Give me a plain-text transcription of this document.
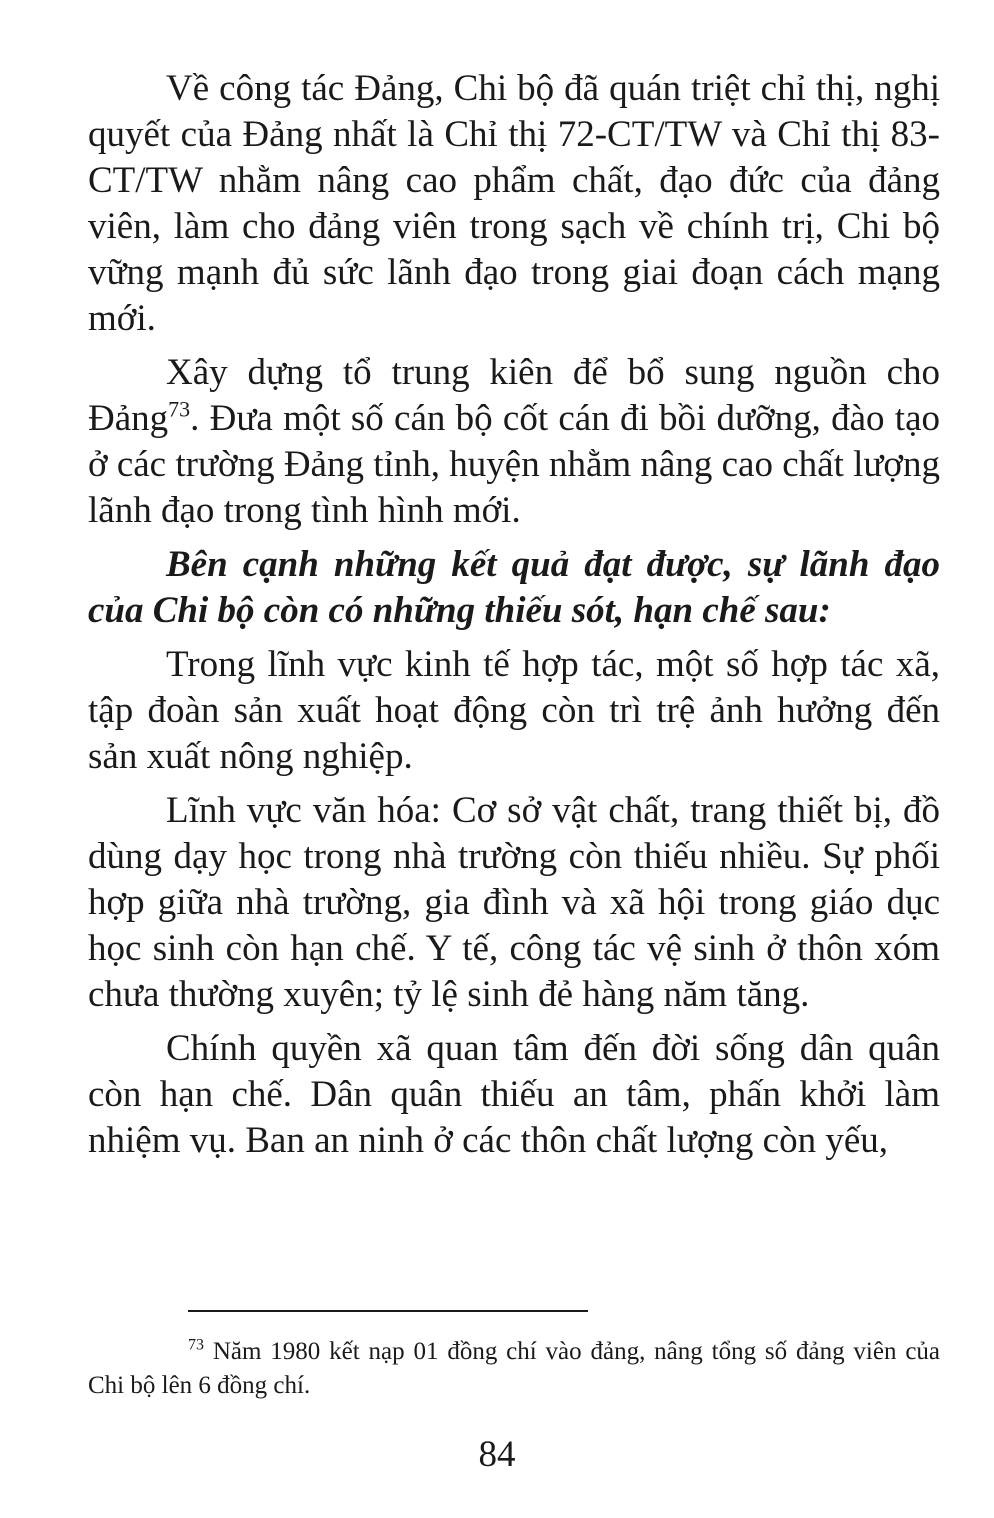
Về công tác Đảng, Chi bộ đã quán triệt chỉ thị, nghị quyết của Đảng nhất là Chỉ thị 72-CT/TW và Chỉ thị 83-CT/TW nhằm nâng cao phẩm chất, đạo đức của đảng viên, làm cho đảng viên trong sạch về chính trị, Chi bộ vững mạnh đủ sức lãnh đạo trong giai đoạn cách mạng mới.

Xây dựng tổ trung kiên để bổ sung nguồn cho Đảng$^{73}$. Đưa một số cán bộ cốt cán đi bồi dưỡng, đào tạo ở các trường Đảng tỉnh, huyện nhằm nâng cao chất lượng lãnh đạo trong tình hình mới.

Bên cạnh những kết quả đạt được, sự lãnh đạo của Chi bộ còn có những thiếu sót, hạn chế sau:

Trong lĩnh vực kinh tế hợp tác, một số hợp tác xã, tập đoàn sản xuất hoạt động còn trì trệ ảnh hưởng đến sản xuất nông nghiệp.

Lĩnh vực văn hóa: Cơ sở vật chất, trang thiết bị, đồ dùng dạy học trong nhà trường còn thiếu nhiều. Sự phối hợp giữa nhà trường, gia đình và xã hội trong giáo dục học sinh còn hạn chế. Y tế, công tác vệ sinh ở thôn xóm chưa thường xuyên; tỷ lệ sinh đẻ hàng năm tăng.

Chính quyền xã quan tâm đến đời sống dân quân còn hạn chế. Dân quân thiếu an tâm, phấn khởi làm nhiệm vụ. Ban an ninh ở các thôn chất lượng còn yếu,

$^{73}$ Năm 1980 kết nạp 01 đồng chí vào đảng, nâng tổng số đảng viên của Chi bộ lên 6 đồng chí.

84
